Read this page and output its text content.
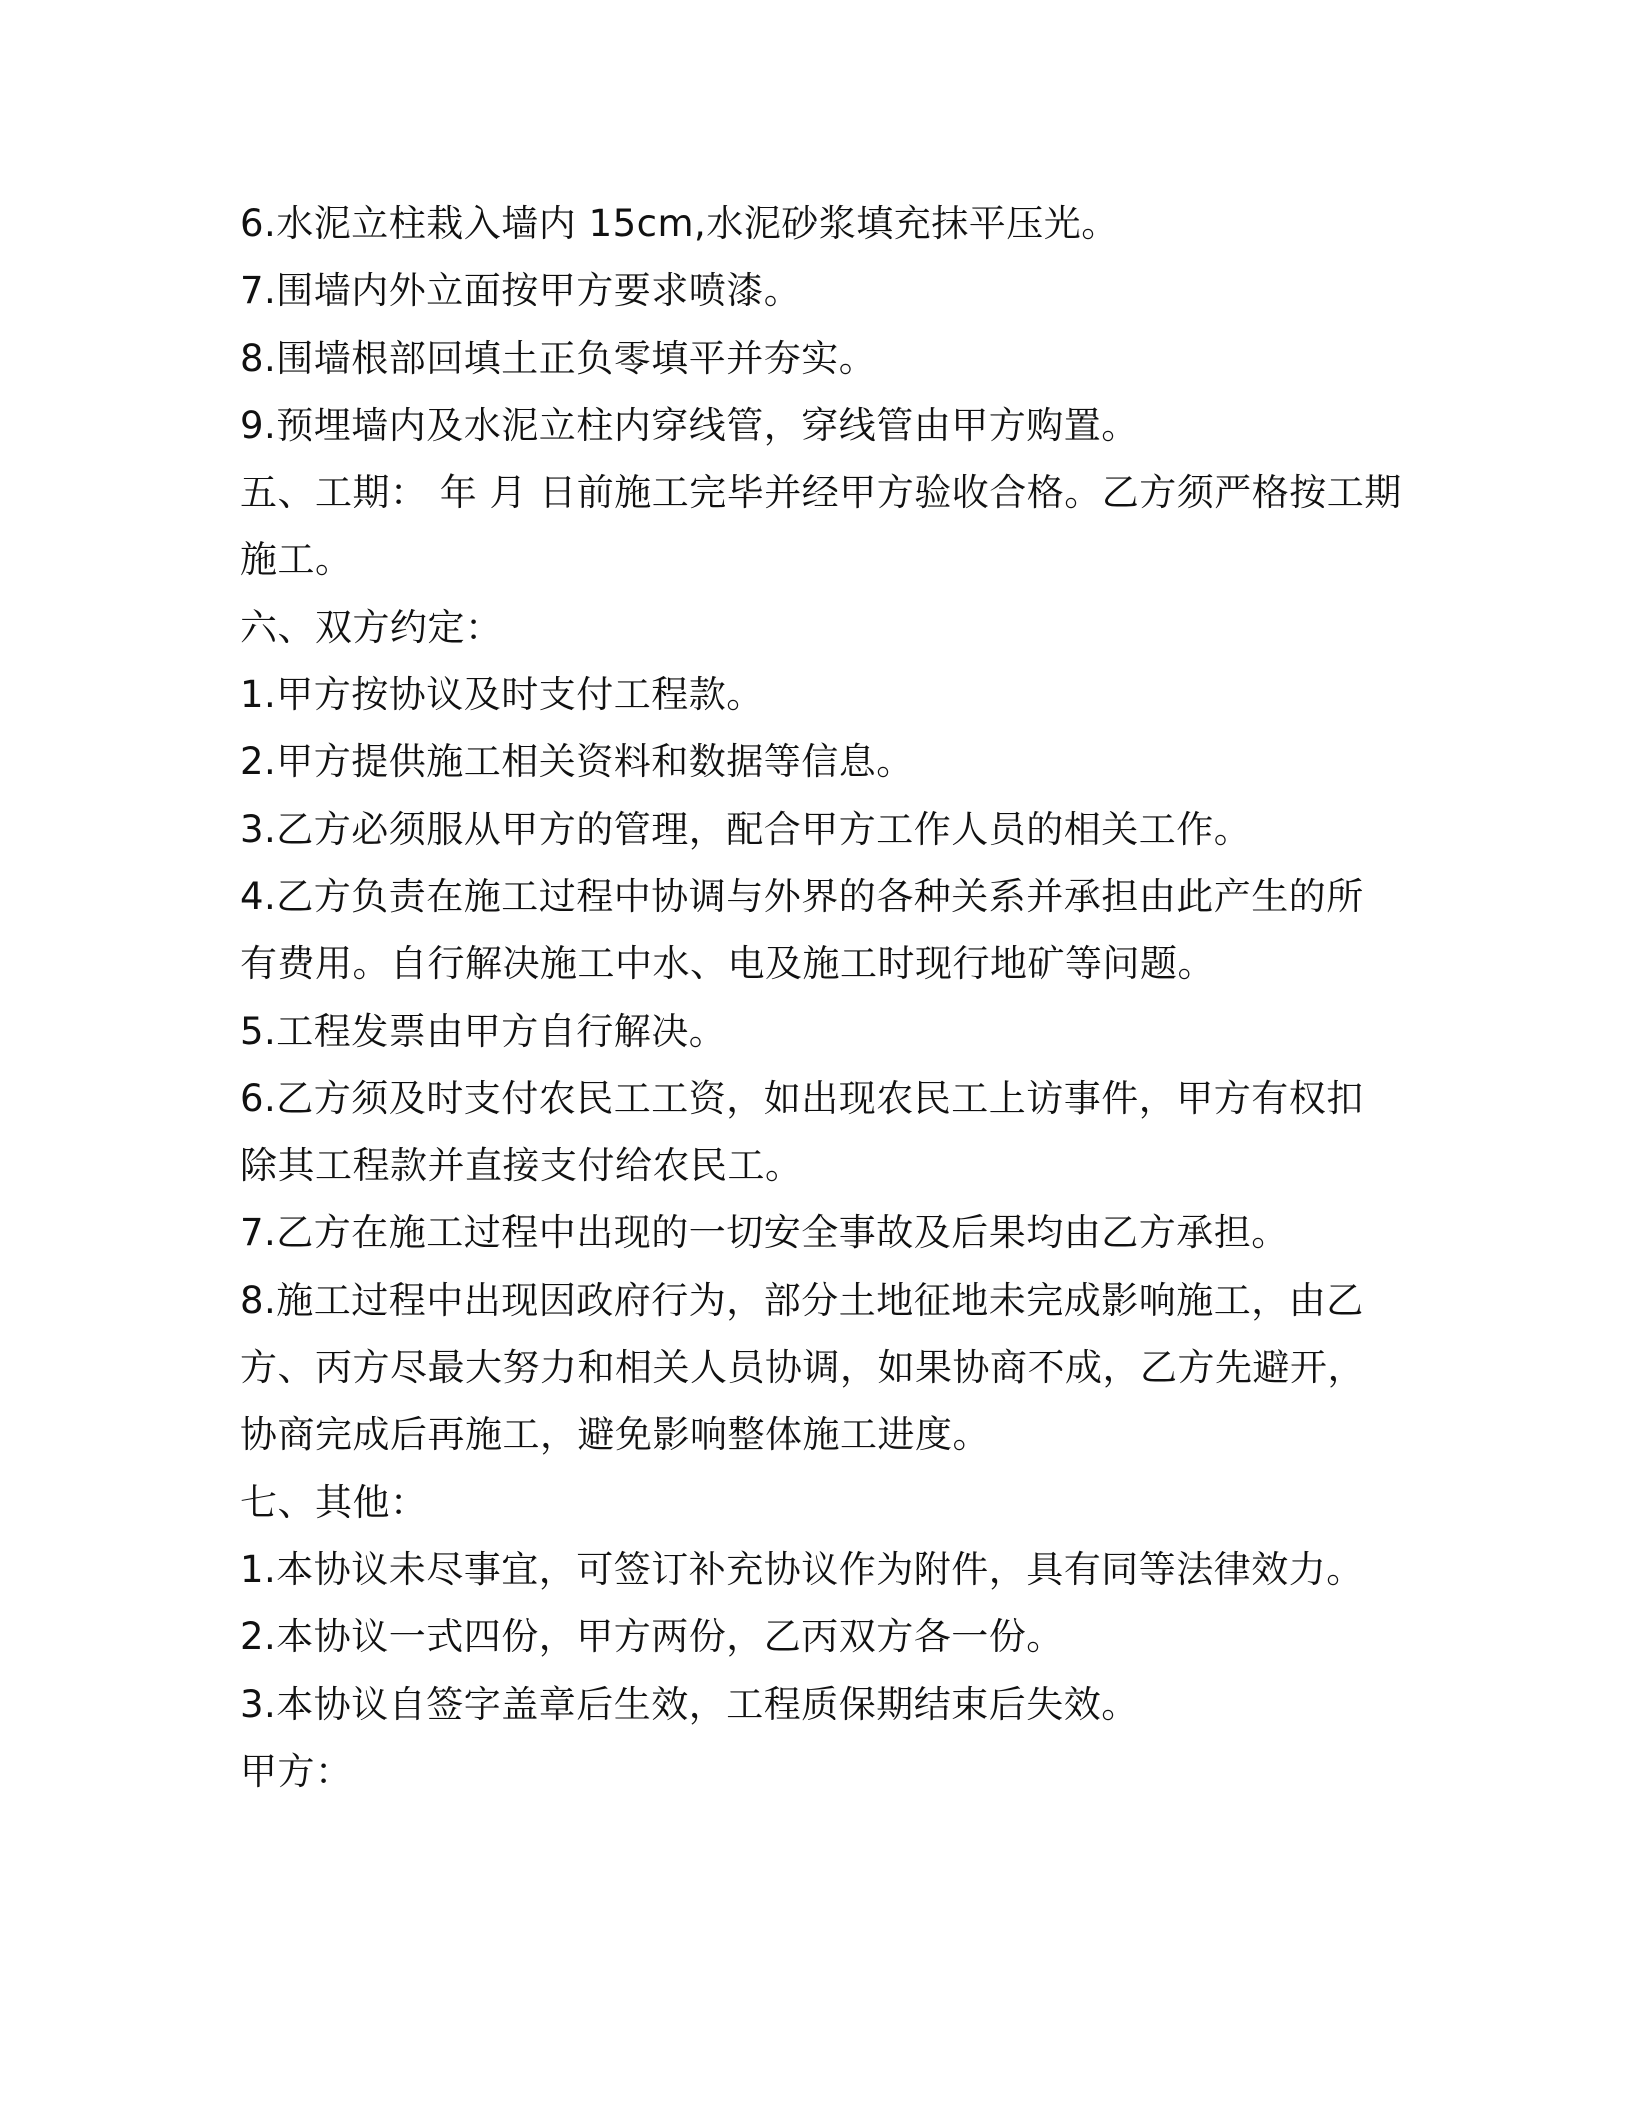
6.水泥立柱栽入墙内 15cm,水泥砂浆填充抹平压光。
7.围墙内外立面按甲方要求喷漆。
8.围墙根部回填土正负零填平并夯实。
9.预埋墙内及水泥立柱内穿线管，穿线管由甲方购置。
五、工期： 年 月 日前施工完毕并经甲方验收合格。乙方须严格按工期
施工。
六、双方约定：
1.甲方按协议及时支付工程款。
2.甲方提供施工相关资料和数据等信息。
3.乙方必须服从甲方的管理，配合甲方工作人员的相关工作。
4.乙方负责在施工过程中协调与外界的各种关系并承担由此产生的所
有费用。自行解决施工中水、电及施工时现行地矿等问题。
5.工程发票由甲方自行解决。
6.乙方须及时支付农民工工资，如出现农民工上访事件，甲方有权扣
除其工程款并直接支付给农民工。
7.乙方在施工过程中出现的一切安全事故及后果均由乙方承担。
8.施工过程中出现因政府行为，部分土地征地未完成影响施工，由乙
方、丙方尽最大努力和相关人员协调，如果协商不成，乙方先避开，
协商完成后再施工，避免影响整体施工进度。
七、其他：
1.本协议未尽事宜，可签订补充协议作为附件，具有同等法律效力。
2.本协议一式四份，甲方两份，乙丙双方各一份。
3.本协议自签字盖章后生效，工程质保期结束后失效。
甲方：
